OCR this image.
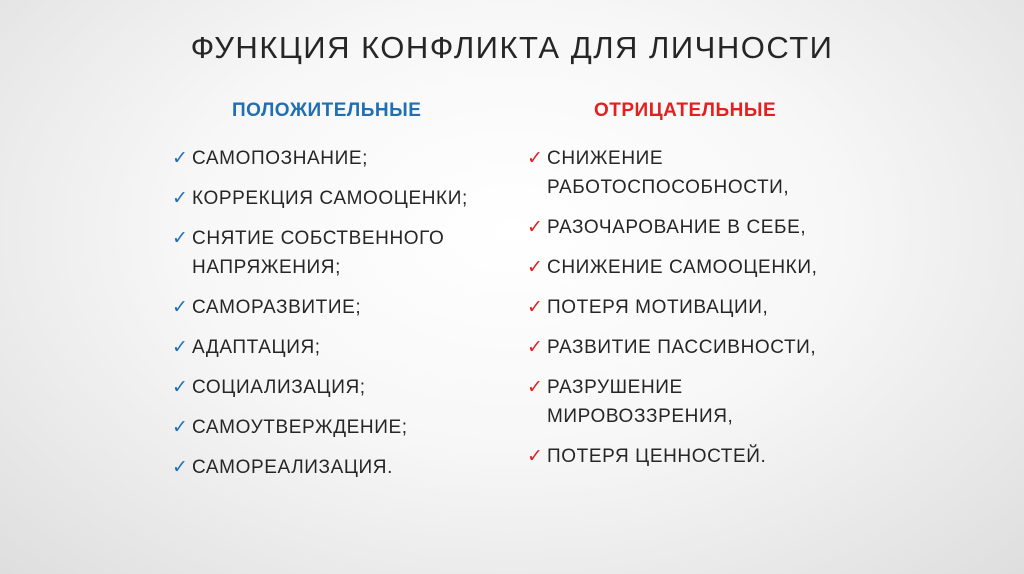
ФУНКЦИЯ КОНФЛИКТА ДЛЯ ЛИЧНОСТИ
ПОЛОЖИТЕЛЬНЫЕ
✓ САМОПОЗНАНИЕ;
✓ КОРРЕКЦИЯ САМООЦЕНКИ;
✓ СНЯТИЕ СОБСТВЕННОГО
НАПРЯЖЕНИЯ;
✓ САМОРАЗВИТИЕ;
✓ АДАПТАЦИЯ;
✓ СОЦИАЛИЗАЦИЯ;
✓ САМОУТВЕРЖДЕНИЕ;
✓ САМОРЕАЛИЗАЦИЯ.
ОТРИЦАТЕЛЬНЫЕ
✓ СНИЖЕНИЕ
РАБОТОСПОСОБНОСТИ,
✓ РАЗОЧАРОВАНИЕ В СЕБЕ,
✓ СНИЖЕНИЕ САМООЦЕНКИ,
✓ ПОТЕРЯ МОТИВАЦИИ,
✓ РАЗВИТИЕ ПАССИВНОСТИ,
✓ РАЗРУШЕНИЕ
МИРОВОЗЗРЕНИЯ,
✓ ПОТЕРЯ ЦЕННОСТЕЙ.
